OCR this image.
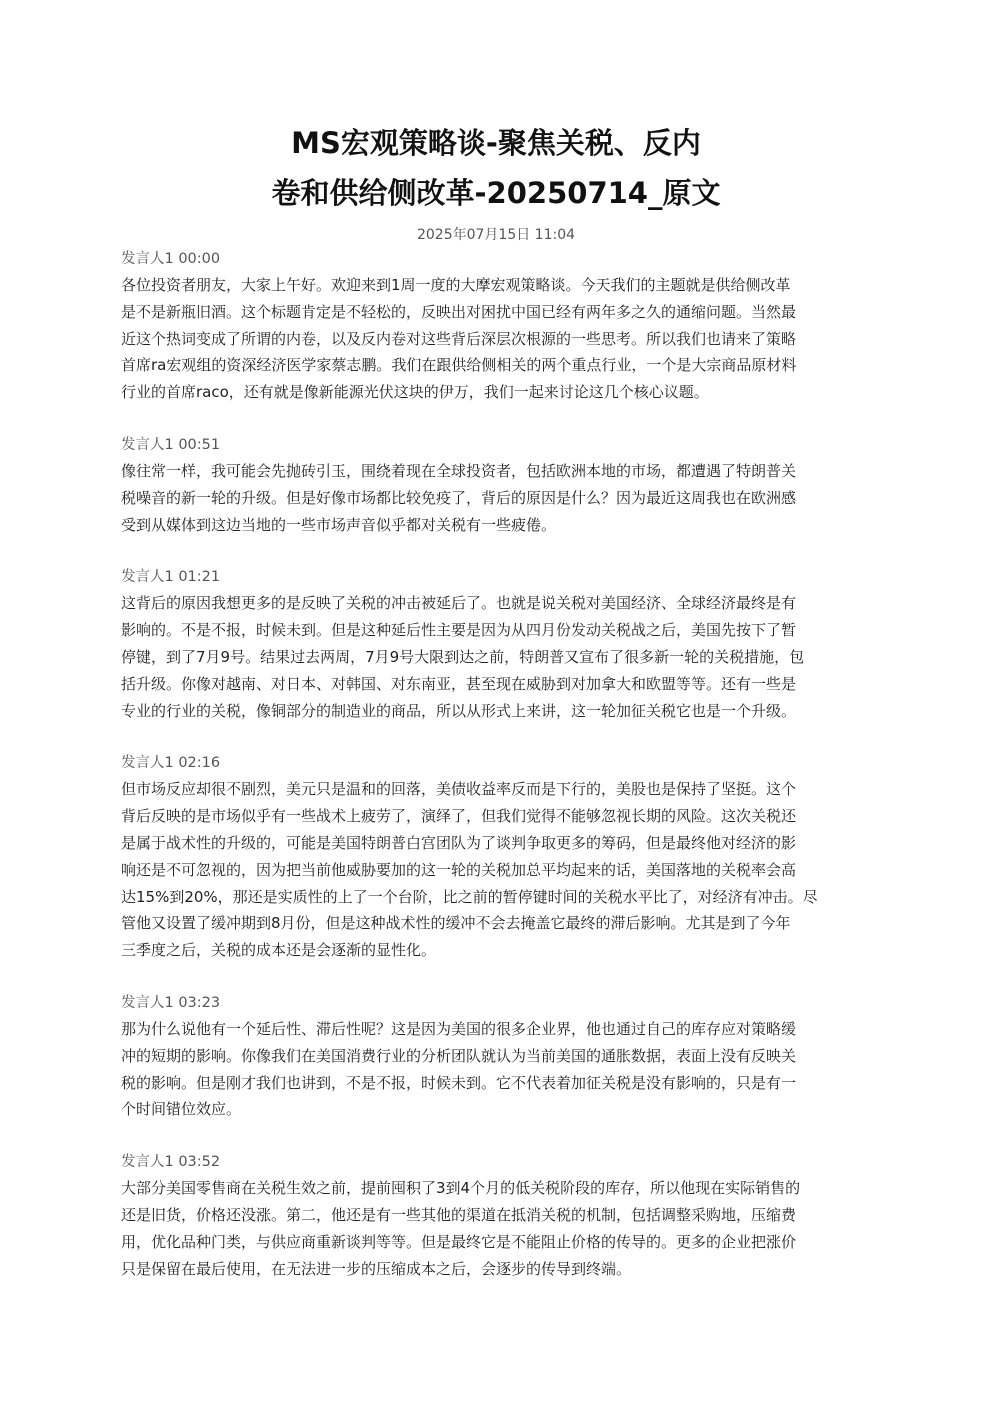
MS宏观策略谈-聚焦关税、反内
卷和供给侧改革-20250714_原文
2025年07月15日 11:04
发言人1 00:00
各位投资者朋友，大家上午好。欢迎来到1周一度的大摩宏观策略谈。今天我们的主题就是供给侧改革
是不是新瓶旧酒。这个标题肯定是不轻松的，反映出对困扰中国已经有两年多之久的通缩问题。当然最
近这个热词变成了所谓的内卷，以及反内卷对这些背后深层次根源的一些思考。所以我们也请来了策略
首席ra宏观组的资深经济医学家蔡志鹏。我们在跟供给侧相关的两个重点行业，一个是大宗商品原材料
行业的首席raco，还有就是像新能源光伏这块的伊万，我们一起来讨论这几个核心议题。
发言人1 00:51
像往常一样，我可能会先抛砖引玉，围绕着现在全球投资者，包括欧洲本地的市场，都遭遇了特朗普关
税噪音的新一轮的升级。但是好像市场都比较免疫了，背后的原因是什么？因为最近这周我也在欧洲感
受到从媒体到这边当地的一些市场声音似乎都对关税有一些疲倦。
发言人1 01:21
这背后的原因我想更多的是反映了关税的冲击被延后了。也就是说关税对美国经济、全球经济最终是有
影响的。不是不报，时候未到。但是这种延后性主要是因为从四月份发动关税战之后，美国先按下了暂
停键，到了7月9号。结果过去两周，7月9号大限到达之前，特朗普又宣布了很多新一轮的关税措施，包
括升级。你像对越南、对日本、对韩国、对东南亚，甚至现在威胁到对加拿大和欧盟等等。还有一些是
专业的行业的关税，像铜部分的制造业的商品，所以从形式上来讲，这一轮加征关税它也是一个升级。
发言人1 02:16
但市场反应却很不剧烈，美元只是温和的回落，美债收益率反而是下行的，美股也是保持了坚挺。这个
背后反映的是市场似乎有一些战术上疲劳了，演绎了，但我们觉得不能够忽视长期的风险。这次关税还
是属于战术性的升级的，可能是美国特朗普白宫团队为了谈判争取更多的筹码，但是最终他对经济的影
响还是不可忽视的，因为把当前他威胁要加的这一轮的关税加总平均起来的话，美国落地的关税率会高
达15%到20%，那还是实质性的上了一个台阶，比之前的暂停键时间的关税水平比了，对经济有冲击。尽
管他又设置了缓冲期到8月份，但是这种战术性的缓冲不会去掩盖它最终的滞后影响。尤其是到了今年
三季度之后，关税的成本还是会逐渐的显性化。
发言人1 03:23
那为什么说他有一个延后性、滞后性呢？这是因为美国的很多企业界，他也通过自己的库存应对策略缓
冲的短期的影响。你像我们在美国消费行业的分析团队就认为当前美国的通胀数据，表面上没有反映关
税的影响。但是刚才我们也讲到，不是不报，时候未到。它不代表着加征关税是没有影响的，只是有一
个时间错位效应。
发言人1 03:52
大部分美国零售商在关税生效之前，提前囤积了3到4个月的低关税阶段的库存，所以他现在实际销售的
还是旧货，价格还没涨。第二，他还是有一些其他的渠道在抵消关税的机制，包括调整采购地，压缩费
用，优化品种门类，与供应商重新谈判等等。但是最终它是不能阻止价格的传导的。更多的企业把涨价
只是保留在最后使用，在无法进一步的压缩成本之后，会逐步的传导到终端。
